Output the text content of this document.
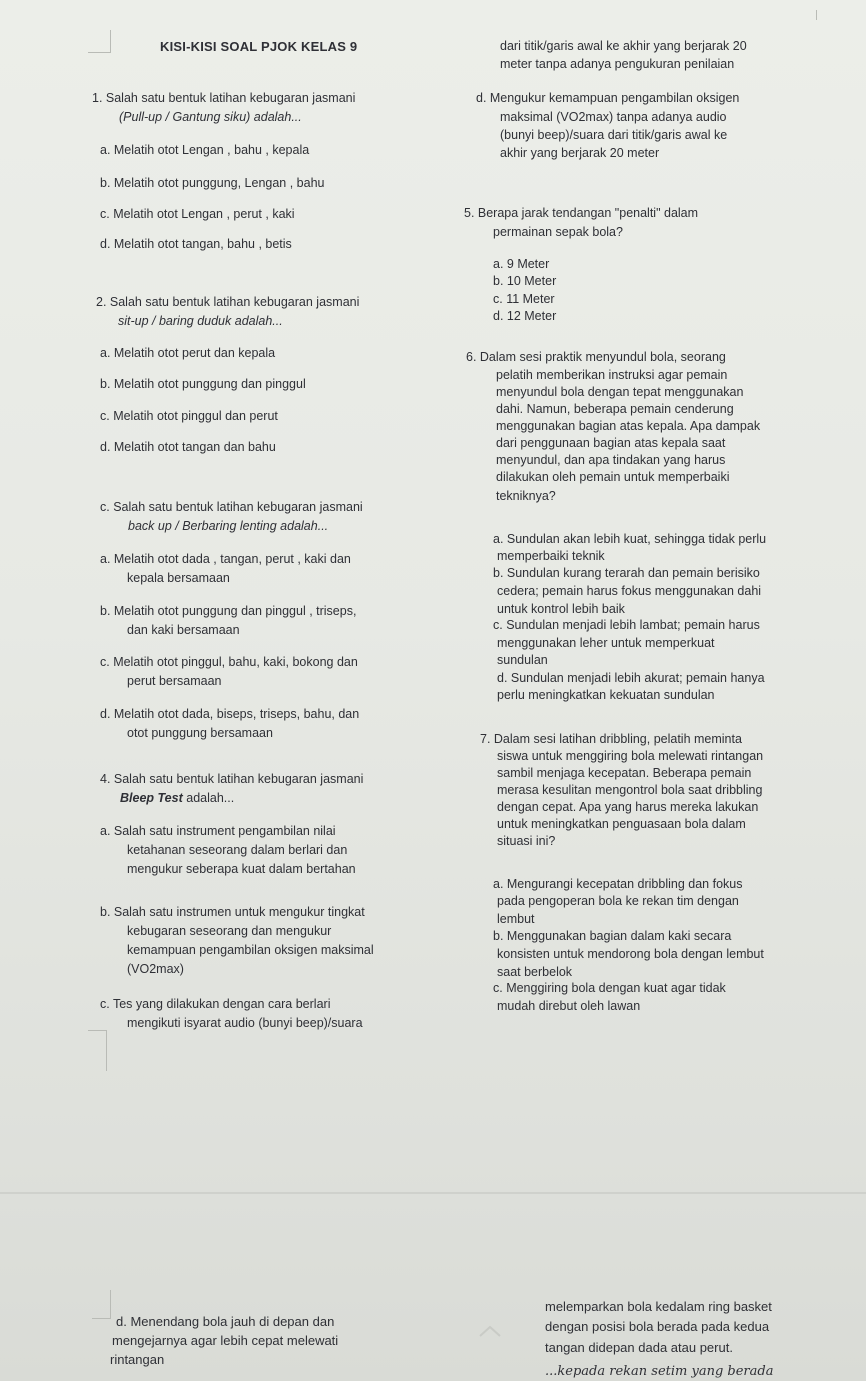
KISI-KISI SOAL PJOK KELAS 9
1. Salah satu bentuk latihan kebugaran jasmani
(Pull-up / Gantung siku) adalah...
a. Melatih otot Lengan , bahu , kepala
b. Melatih otot punggung, Lengan , bahu
c. Melatih otot Lengan , perut , kaki
d. Melatih otot tangan, bahu , betis
2. Salah satu bentuk latihan kebugaran jasmani
sit-up / baring duduk adalah...
a. Melatih otot perut dan kepala
b. Melatih otot punggung dan pinggul
c. Melatih otot pinggul dan perut
d. Melatih otot tangan dan bahu
c. Salah satu bentuk latihan kebugaran jasmani
back up / Berbaring lenting adalah...
a. Melatih otot dada , tangan, perut , kaki dan
kepala bersamaan
b. Melatih otot punggung dan pinggul , triseps,
dan kaki bersamaan
c. Melatih otot pinggul, bahu, kaki, bokong dan
perut bersamaan
d. Melatih otot dada, biseps, triseps, bahu, dan
otot punggung bersamaan
4. Salah satu bentuk latihan kebugaran jasmani
Bleep Test adalah...
a. Salah satu instrument pengambilan nilai
ketahanan seseorang dalam berlari dan
mengukur seberapa kuat dalam bertahan
b. Salah satu instrumen untuk mengukur tingkat
kebugaran seseorang dan mengukur
kemampuan pengambilan oksigen maksimal
(VO2max)
c. Tes yang dilakukan dengan cara berlari
mengikuti isyarat audio (bunyi beep)/suara
dari titik/garis awal ke akhir yang berjarak 20
meter tanpa adanya pengukuran penilaian
d. Mengukur kemampuan pengambilan oksigen
maksimal (VO2max) tanpa adanya audio
(bunyi beep)/suara dari titik/garis awal ke
akhir yang berjarak 20 meter
5. Berapa jarak tendangan "penalti" dalam
permainan sepak bola?
a. 9 Meter
b. 10 Meter
c. 11 Meter
d. 12 Meter
6. Dalam sesi praktik menyundul bola, seorang
pelatih memberikan instruksi agar pemain
menyundul bola dengan tepat menggunakan
dahi. Namun, beberapa pemain cenderung
menggunakan bagian atas kepala. Apa dampak
dari penggunaan bagian atas kepala saat
menyundul, dan apa tindakan yang harus
dilakukan oleh pemain untuk memperbaiki
tekniknya?
a. Sundulan akan lebih kuat, sehingga tidak perlu
memperbaiki teknik
b. Sundulan kurang terarah dan pemain berisiko
cedera; pemain harus fokus menggunakan dahi
untuk kontrol lebih baik
c. Sundulan menjadi lebih lambat; pemain harus
menggunakan leher untuk memperkuat
sundulan
d. Sundulan menjadi lebih akurat; pemain hanya
perlu meningkatkan kekuatan sundulan
7. Dalam sesi latihan dribbling, pelatih meminta
siswa untuk menggiring bola melewati rintangan
sambil menjaga kecepatan. Beberapa pemain
merasa kesulitan mengontrol bola saat dribbling
dengan cepat. Apa yang harus mereka lakukan
untuk meningkatkan penguasaan bola dalam
situasi ini?
a. Mengurangi kecepatan dribbling dan fokus
pada pengoperan bola ke rekan tim dengan
lembut
b. Menggunakan bagian dalam kaki secara
konsisten untuk mendorong bola dengan lembut
saat berbelok
c. Menggiring bola dengan kuat agar tidak
mudah direbut oleh lawan
d. Menendang bola jauh di depan dan
mengejarnya agar lebih cepat melewati
rintangan
melemparkan bola kedalam ring basket
dengan posisi bola berada pada kedua
tangan didepan dada atau perut.
...kepada rekan setim yang berada
